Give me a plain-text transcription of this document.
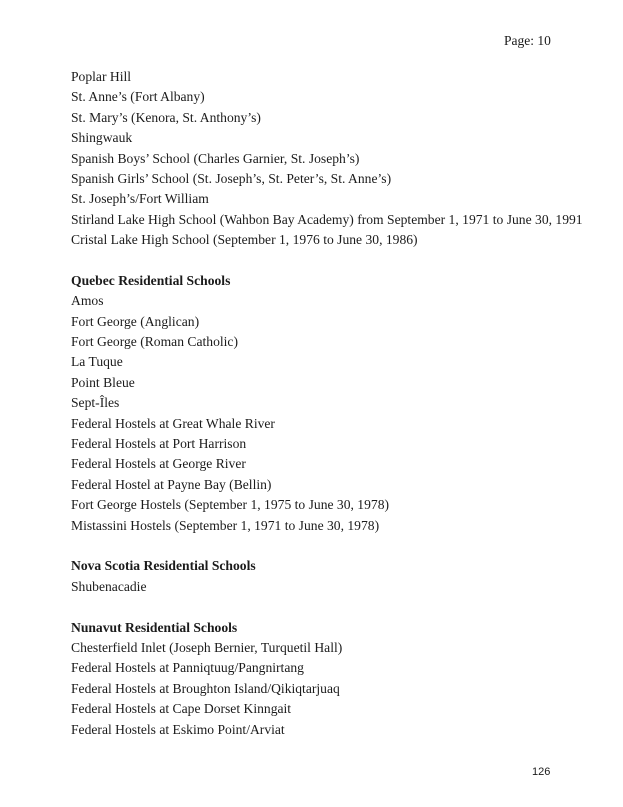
Page: 10
Poplar Hill
St. Anne’s (Fort Albany)
St. Mary’s (Kenora, St. Anthony’s)
Shingwauk
Spanish Boys’ School (Charles Garnier, St. Joseph’s)
Spanish Girls’ School (St. Joseph’s, St. Peter’s, St. Anne’s)
St. Joseph’s/Fort William
Stirland Lake High School (Wahbon Bay Academy) from September 1, 1971 to June 30, 1991
Cristal Lake High School (September 1, 1976 to June 30, 1986)
Quebec Residential Schools
Amos
Fort George (Anglican)
Fort George (Roman Catholic)
La Tuque
Point Bleue
Sept-Îles
Federal Hostels at Great Whale River
Federal Hostels at Port Harrison
Federal Hostels at George River
Federal Hostel at Payne Bay (Bellin)
Fort George Hostels (September 1, 1975 to June 30, 1978)
Mistassini Hostels (September 1, 1971 to June 30, 1978)
Nova Scotia Residential Schools
Shubenacadie
Nunavut Residential Schools
Chesterfield Inlet (Joseph Bernier, Turquetil Hall)
Federal Hostels at Panniqtuug/Pangnirtang
Federal Hostels at Broughton Island/Qikiqtarjuaq
Federal Hostels at Cape Dorset Kinngait
Federal Hostels at Eskimo Point/Arviat
126
